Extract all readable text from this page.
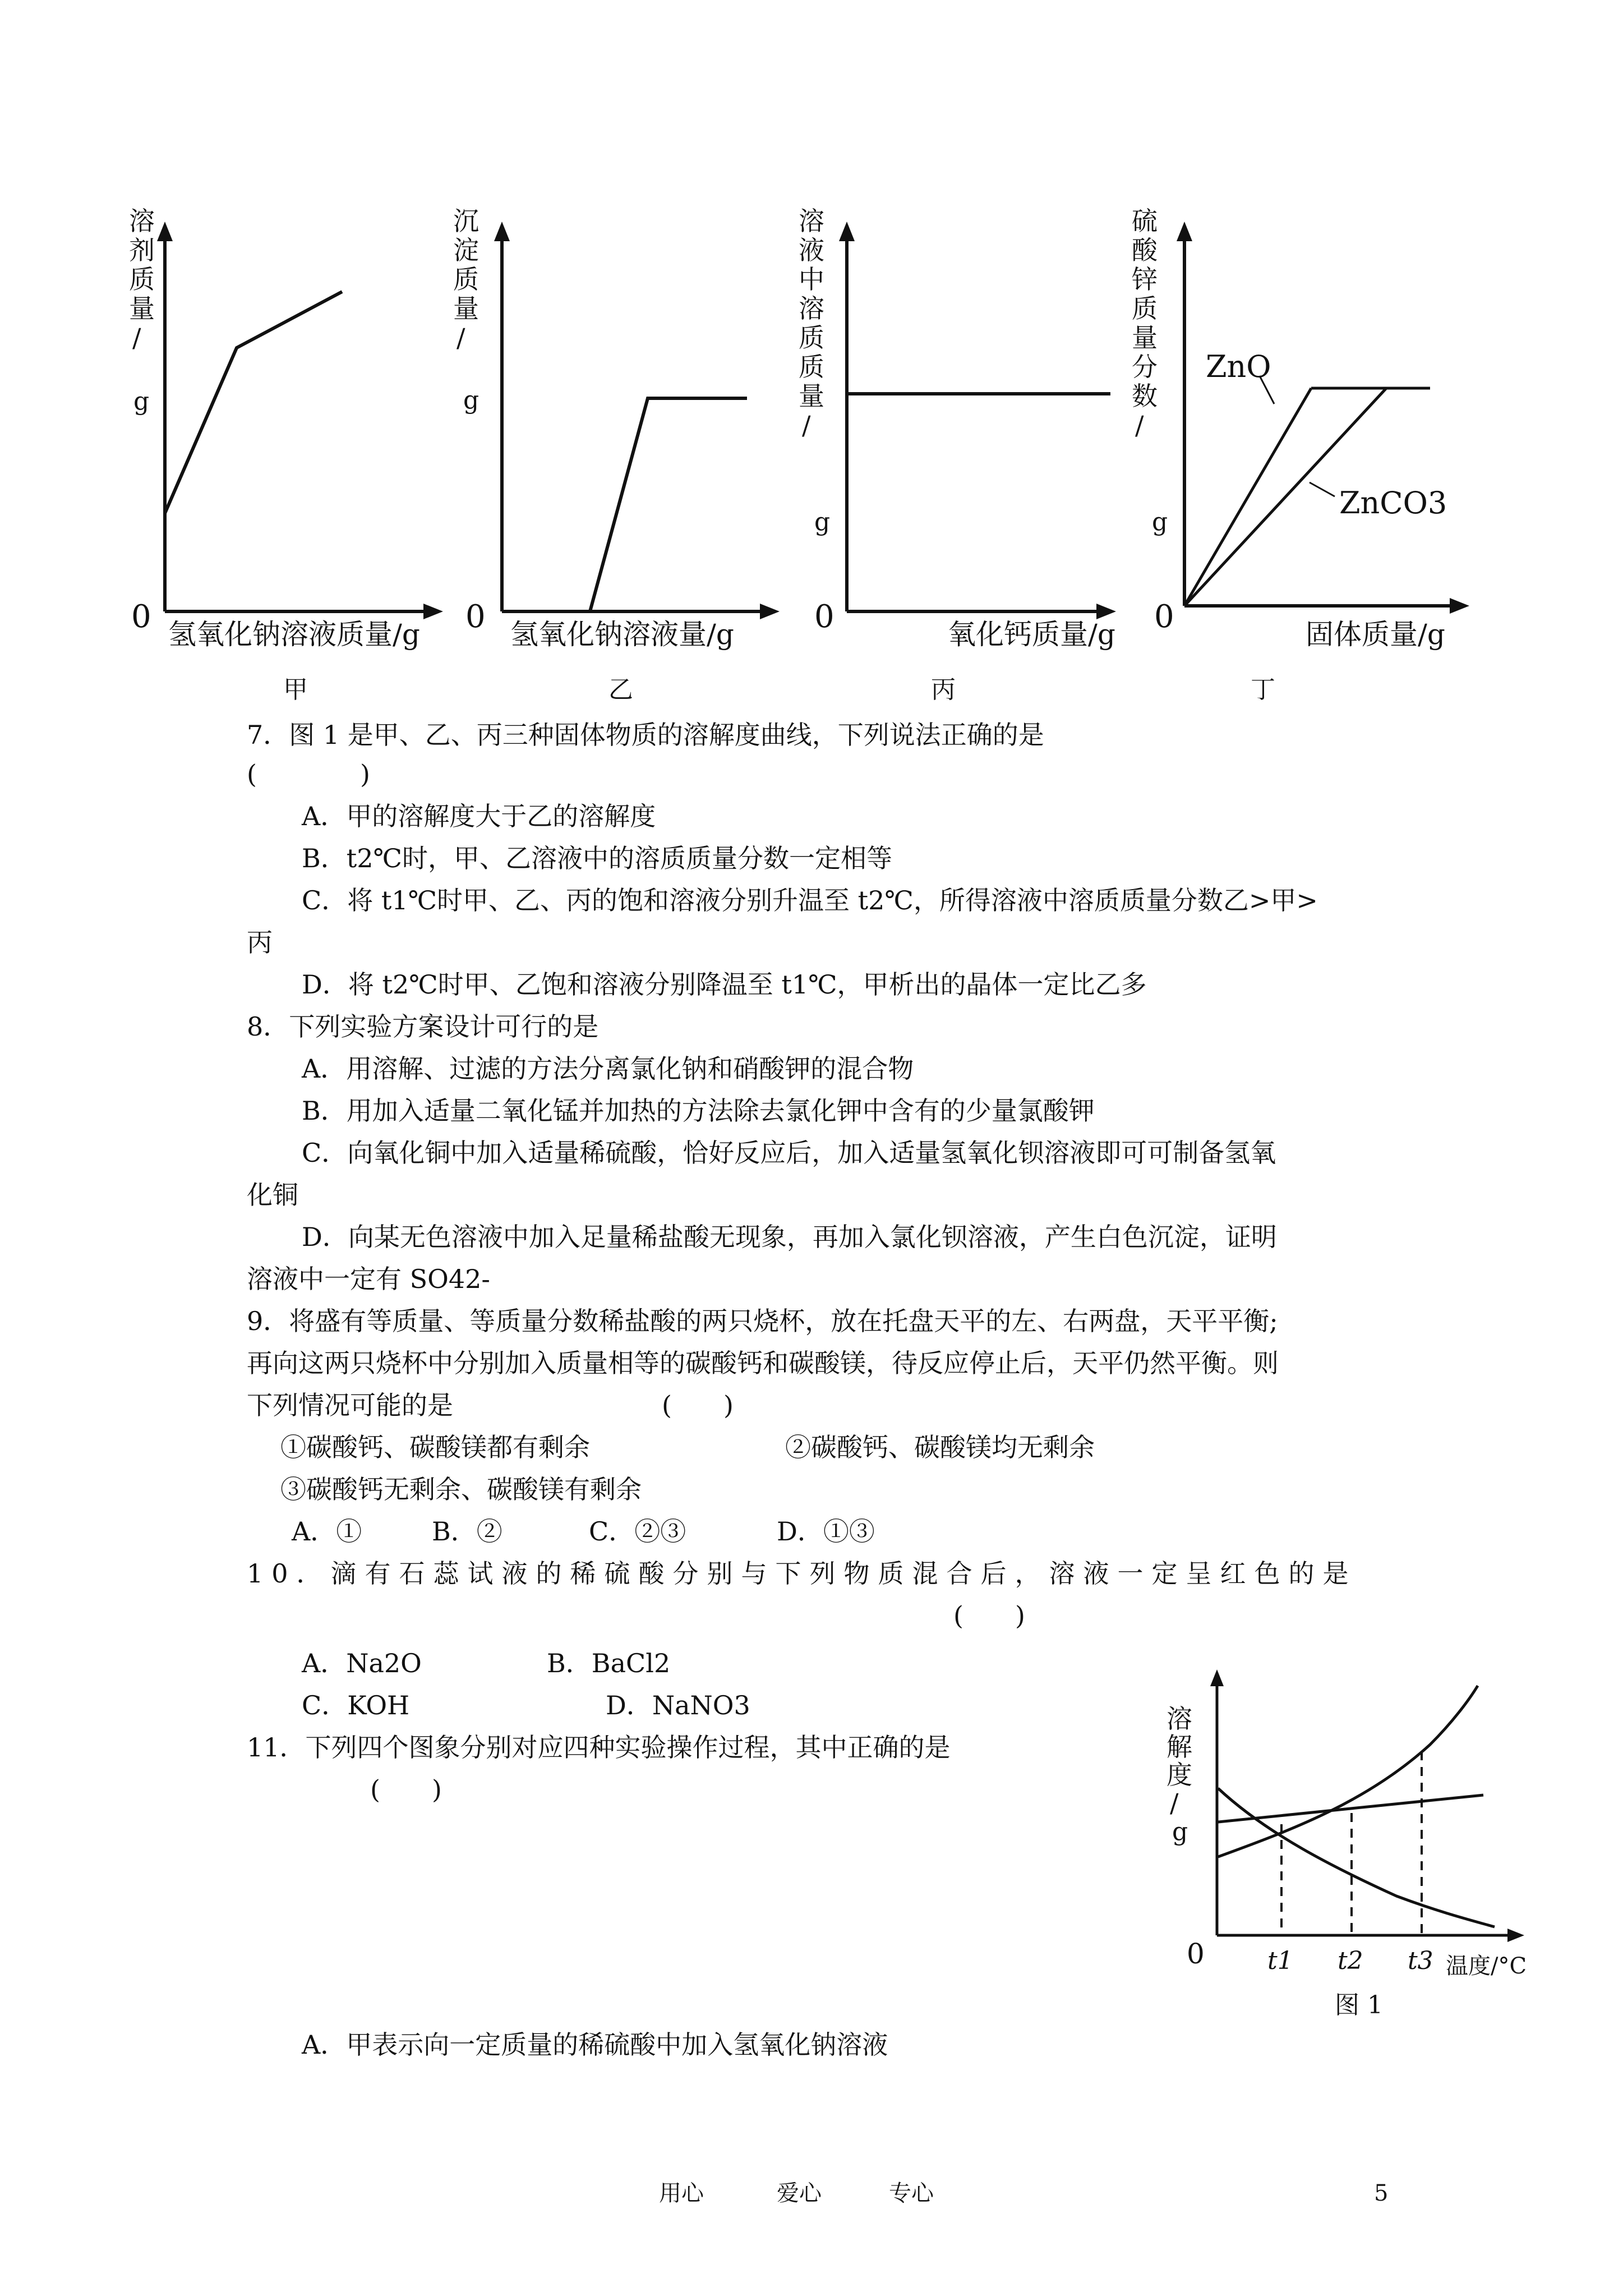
溶
剂
质
量
/
g
0 氢氧化钠溶液质量/g
沉
淀
质
量
/
g
0 氢氧化钠溶液量/g
溶
液
中
溶
质
质
量
/
g
0	氧化钙质量/g
ZnO
ZnCO3
硫
酸
锌
质
量
分
数
/
g
0	固体质量/g
甲	乙	丙	丁
7．图 1 是甲、乙、丙三种固体物质的溶解度曲线，下列说法正确的是
(　　　　)
A．甲的溶解度大于乙的溶解度
B．t2℃时，甲、乙溶液中的溶质质量分数一定相等
C．将 t1℃时甲、乙、丙的饱和溶液分别升温至 t2℃，所得溶液中溶质质量分数乙>甲>
丙
D．将 t2℃时甲、乙饱和溶液分别降温至 t1℃，甲析出的晶体一定比乙多
8．下列实验方案设计可行的是
A．用溶解、过滤的方法分离氯化钠和硝酸钾的混合物
B．用加入适量二氧化锰并加热的方法除去氯化钾中含有的少量氯酸钾
C．向氧化铜中加入适量稀硫酸，恰好反应后，加入适量氢氧化钡溶液即可可制备氢氧
化铜
D．向某无色溶液中加入足量稀盐酸无现象，再加入氯化钡溶液，产生白色沉淀，证明
溶液中一定有 SO42-
9．将盛有等质量、等质量分数稀盐酸的两只烧杯，放在托盘天平的左、右两盘，天平平衡;
再向这两只烧杯中分别加入质量相等的碳酸钙和碳酸镁，待反应停止后，天平仍然平衡。则
下列情况可能的是	(　　)
①碳酸钙、碳酸镁都有剩余	②碳酸钙、碳酸镁均无剩余
③碳酸钙无剩余、碳酸镁有剩余
A．①	B．②	C．②③	D．①③
10．滴有石蕊试液的稀硫酸分别与下列物质混合后，溶液一定呈红色的是
(　　)
A．Na2O	B．BaCl2
C．KOH	D．NaNO3
11．下列四个图象分别对应四种实验操作过程，其中正确的是
(　　)
A．甲表示向一定质量的稀硫酸中加入氢氧化钠溶液
溶
解
度
/
g
0	t1 t2 t3 温度/°C
图 1
用心	爱心	专心	5
